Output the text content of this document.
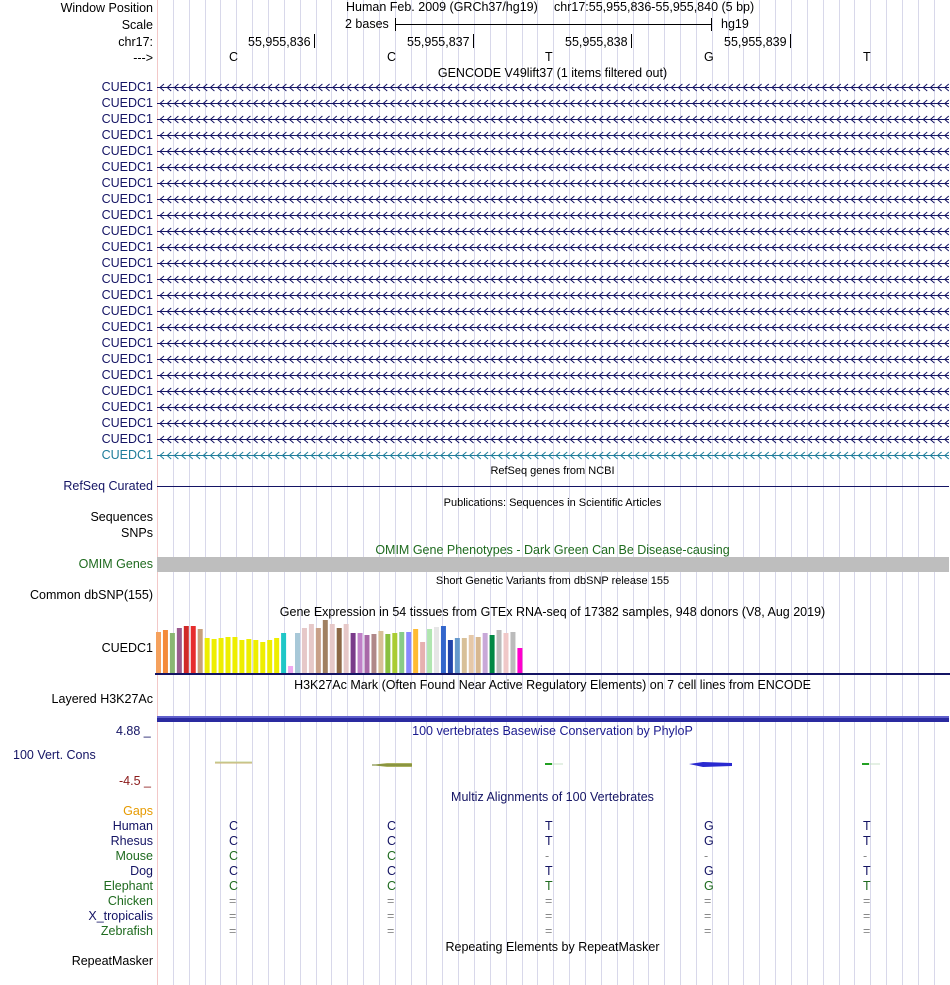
Window Position
Scale
chr17:
--->
Human Feb. 2009 (GRCh37/hg19) chr17:55,955,836-55,955,840 (5 bp)
2 bases	hg19
55,955,836	55,955,837	55,955,838	55,955,839
C	C	T	G	T
GENCODE V49lift37 (1 items filtered out)
CUEDC1
CUEDC1
CUEDC1
CUEDC1
CUEDC1
CUEDC1
CUEDC1
CUEDC1
CUEDC1
CUEDC1
CUEDC1
CUEDC1
CUEDC1
CUEDC1
CUEDC1
CUEDC1
CUEDC1
CUEDC1
CUEDC1
CUEDC1
CUEDC1
CUEDC1
CUEDC1
CUEDC1
RefSeq genes from NCBI
RefSeq Curated
Publications: Sequences in Scientific Articles
Sequences
SNPs
OMIM Gene Phenotypes - Dark Green Can Be Disease-causing
OMIM Genes
Short Genetic Variants from dbSNP release 155
Common dbSNP(155)
Gene Expression in 54 tissues from GTEx RNA-seq of 17382 samples, 948 donors (V8, Aug 2019)
CUEDC1
H3K27Ac Mark (Often Found Near Active Regulatory Elements) on 7 cell lines from ENCODE
Layered H3K27Ac
4.88 _	100 vertebrates Basewise Conservation by PhyloP
100 Vert. Cons
-4.5 _
Multiz Alignments of 100 Vertebrates
Gaps
Human	C	C	T	G	T
Rhesus	C	C	T	G	T
Mouse	C	C	-	-	-
Dog	C	C	T	G	T
Elephant	C	C	T	G	T
Chicken	=	=	=	=	=
X_tropicalis	=	=	=	=	=
Zebrafish	=	=	=	=	=
Repeating Elements by RepeatMasker
RepeatMasker
